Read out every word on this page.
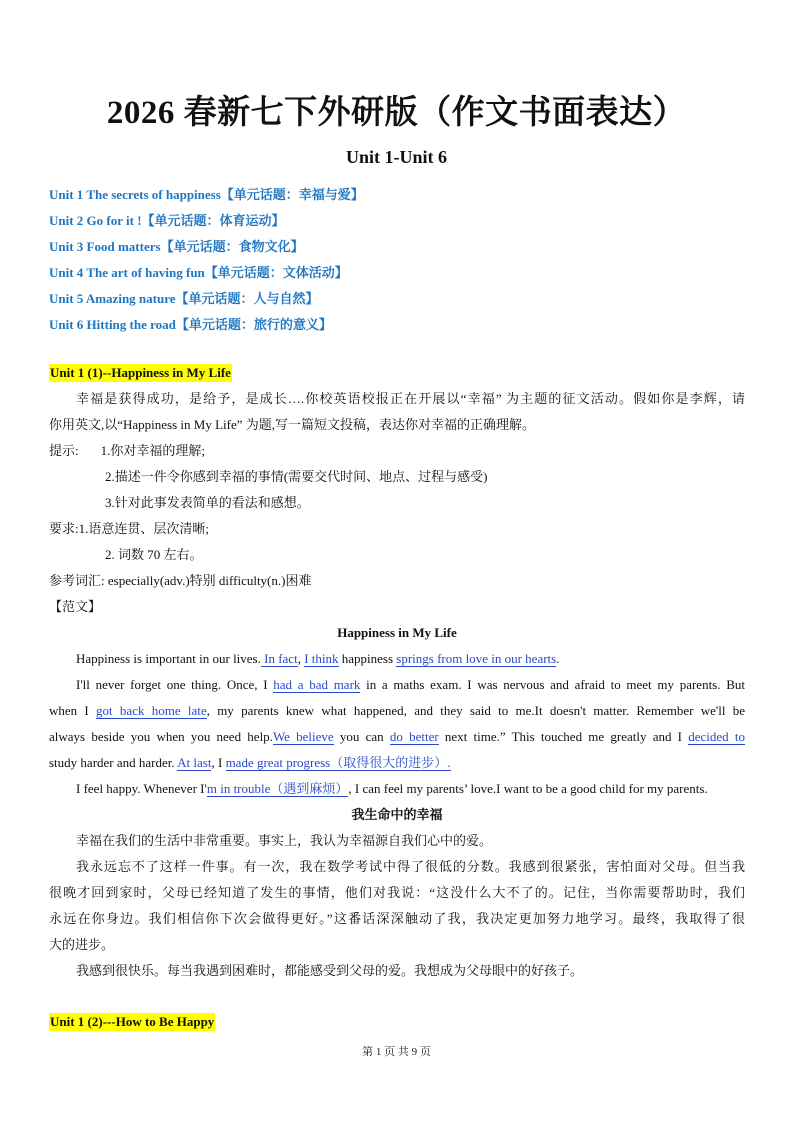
2026 春新七下外研版（作文书面表达）
Unit 1-Unit 6
Unit 1 The secrets of happiness【单元话题：幸福与爱】
Unit 2 Go for it !【单元话题：体育运动】
Unit 3 Food matters【单元话题：食物文化】
Unit 4 The art of having fun【单元话题：文体活动】
Unit 5 Amazing nature【单元话题：人与自然】
Unit 6 Hitting the road【单元话题：旅行的意义】
Unit 1 (1)--Happiness in My Life
幸福是获得成功，是给予，是成长….你校英语校报正在开展以“幸福” 为主题的征文活动。假如你是李辉，请
你用英文,以“Happiness in My Life” 为题,写一篇短文投稿，表达你对幸福的正确理解。
提示: 1.你对幸福的理解;
2.描述一件令你感到幸福的事情(需要交代时间、地点、过程与感受)
3.针对此事发表简单的看法和感想。
要求:1.语意连贯、层次清晰;
2. 词数 70 左右。
参考词汇: especially(adv.)特别 difficulty(n.)困难
【范文】
Happiness in My Life
Happiness is important in our lives. In fact, I think happiness springs from love in our hearts.
I'll never forget one thing. Once, I had a bad mark in a maths exam. I was nervous and afraid to meet my parents. But
when I got back home late, my parents knew what happened, and they said to me.It doesn't matter. Remember we'll be
always beside you when you need help.We believe you can do better next time.” This touched me greatly and I decided to
study harder and harder. At last, I made great progress（取得很大的进步）.
I feel happy. Whenever I'm in trouble（遇到麻烦）, I can feel my parents’ love.I want to be a good child for my parents.
我生命中的幸福
幸福在我们的生活中非常重要。事实上，我认为幸福源自我们心中的爱。
我永远忘不了这样一件事。有一次，我在数学考试中得了很低的分数。我感到很紧张，害怕面对父母。但当我
很晚才回到家时，父母已经知道了发生的事情，他们对我说：“这没什么大不了的。记住，当你需要帮助时，我们
永远在你身边。我们相信你下次会做得更好。”这番话深深触动了我，我决定更加努力地学习。最终，我取得了很
大的进步。
我感到很快乐。每当我遇到困难时，都能感受到父母的爱。我想成为父母眼中的好孩子。
Unit 1 (2)---How to Be Happy
第 1 页 共 9 页
